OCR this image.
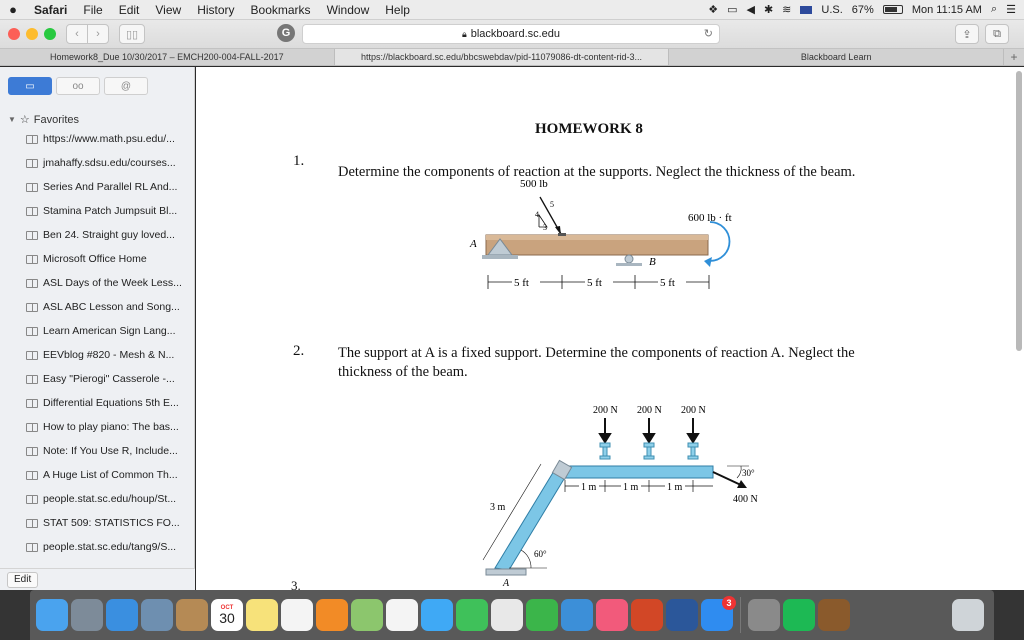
●	Safari	File	Edit	View	History	Bookmarks	Window	Help	❖ ▭ ◀ ✱ ≋	U.S. 67%	Mon 11:15 AM ⌕ ☰
‹	›	▯▯	G	🔒︎ blackboard.sc.edu	↻	⇪	⧉
Homework8_Due 10/30/2017 – EMCH200-004-FALL-2017	https://blackboard.sc.edu/bbcswebdav/pid-11079086-dt-content-rid-3...	Blackboard Learn	+
▭	oo	@
▼ ☆ Favorites
https://www.math.psu.edu/...
jmahaffy.sdsu.edu/courses...
Series And Parallel RL And...
Stamina Patch Jumpsuit Bl...
Ben 24. Straight guy loved...
Microsoft Office Home
ASL Days of the Week Less...
ASL ABC Lesson and Song...
Learn American Sign Lang...
EEVblog #820 - Mesh & N...
Easy "Pierogi" Casserole -...
Differential Equations 5th E...
How to play piano: The bas...
Note: If You Use R, Include...
A Huge List of Common Th...
people.stat.sc.edu/houp/St...
STAT 509: STATISTICS FO...
people.stat.sc.edu/tang9/S...
Edit
HOMEWORK 8
1.
Determine the components of reaction at the supports. Neglect the thickness of the beam.
500 lb
600 lb · ft
4
5
3
A
B
5 ft	5 ft	5 ft
2. The support at A is a fixed support. Determine the components of reaction A. Neglect the thickness of the beam.
200 N 200 N 200 N
A
3 m
60°
1 m	1 m	1 m
30°
400 N
3.
OCT
30
3
